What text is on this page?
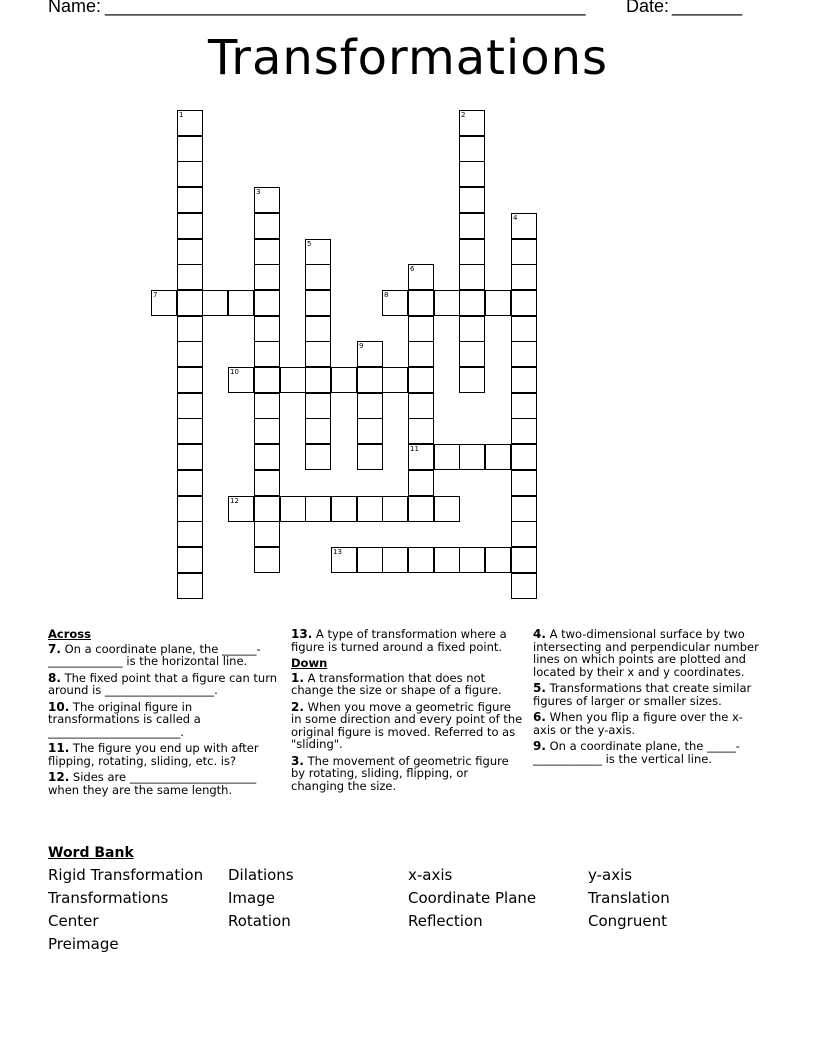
Name: ________________________________________________ Date: _______
Transformations
1	2
3
4
5
6
11
7	8
9
10
12
13
Across
7. On a coordinate plane, the ______-_____________ is the horizontal line.
8. The fixed point that a figure can turn around is ___________________.
10. The original figure in transformations is called a _______________________.
11. The figure you end up with after flipping, rotating, sliding, etc. is?
12. Sides are ______________________ when they are the same length.
13. A type of transformation where a figure is turned around a fixed point.
Down
1. A transformation that does not change the size or shape of a figure.
2. When you move a geometric figure in some direction and every point of the original figure is moved. Referred to as "sliding".
3. The movement of geometric figure by rotating, sliding, flipping, or changing the size.
4. A two-dimensional surface by two intersecting and perpendicular number lines on which points are plotted and located by their x and y coordinates.
5. Transformations that create similar figures of larger or smaller sizes.
6. When you flip a figure over the x-axis or the y-axis.
9. On a coordinate plane, the _____-____________ is the vertical line.
Word Bank
Rigid Transformation	Dilations	x-axis	y-axis
Transformations	Image	Coordinate Plane	Translation
Center	Rotation	Reflection	Congruent
Preimage
